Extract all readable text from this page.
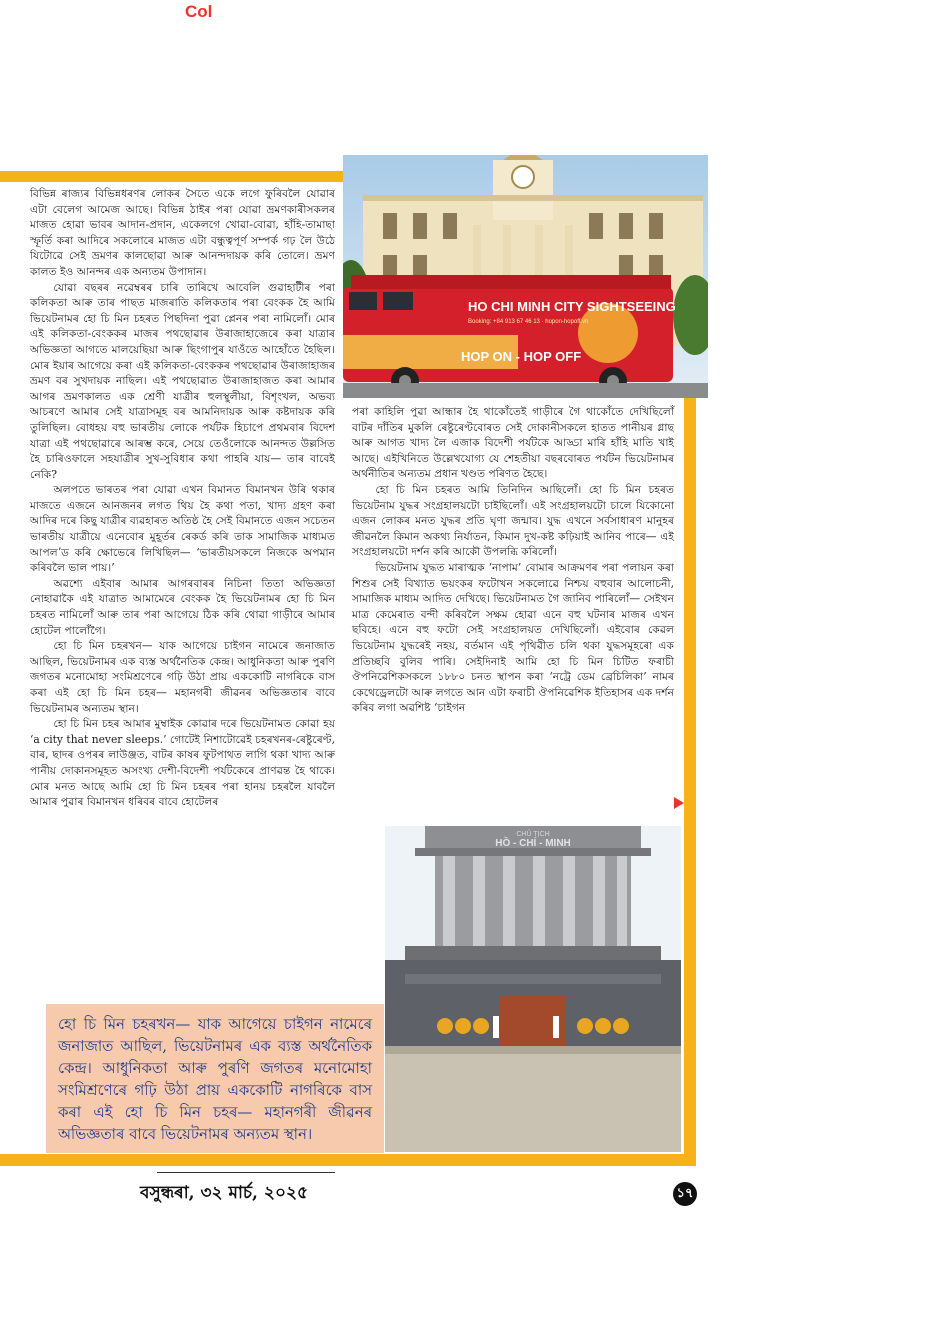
Col
HO CHI MINH CITY SIGHTSEEING
Booking: +84 913 67 46 13 · hopon-hopoff.vn
HOP ON - HOP OFF

বিভিন্ন ৰাজ্যৰ বিভিন্নধৰণৰ লোকৰ সৈতে একে লগে ফুৰিবলৈ যোৱাৰ এটা বেলেগ আমেজ আছে। বিভিন্ন ঠাইৰ পৰা যোৱা ভ্ৰমণকাৰীসকলৰ মাজত হোৱা ভাবৰ আদান-প্ৰদান, একেলগে খোৱা-বোৱা, হাঁহি-তামাছা স্ফূৰ্তি কৰা আদিৰে সকলোৰে মাজত এটা বন্ধুত্বপূৰ্ণ সম্পৰ্ক গঢ় লৈ উঠে যিটোৱে সেই ভ্ৰমণৰ কালছোৱা আৰু আনন্দদায়ক কৰি তোলে। ভ্ৰমণ কালত ইও আনন্দৰ এক অন্যতম উপাদান।

যোৱা বছৰৰ নৱেম্বৰৰ চাৰি তাৰিখে আবেলি গুৱাহাটীৰ পৰা কলিকতা আৰু তাৰ পাছত মাজৰাতি কলিকতাৰ পৰা বেংকক হৈ আমি ভিয়েটনামৰ হো চি মিন চহৰত পিছদিনা পুৱা প্লেনৰ পৰা নামিলোঁ। মোৰ এই কলিকতা-বেংককৰ মাজৰ পথছোৱাৰ উৰাজাহাজেৰে কৰা যাত্ৰাৰ অভিজ্ঞতা আগতে মালয়েছিয়া আৰু ছিংগাপুৰ যাওঁতে আহোঁতে হৈছিল। মোৰ ইয়াৰ আগেয়ে কৰা এই কলিকতা-বেংককৰ পথছোৱাৰ উৰাজাহাজৰ ভ্ৰমণ বৰ সুখদায়ক নাছিল। এই পথছোৱাত উৰাজাহাজত কৰা আমাৰ আগৰ ভ্ৰমণকালত এক শ্ৰেণী যাত্ৰীৰ হুলস্থুলীয়া, বিশৃংখল, অভব্য আচৰণে আমাৰ সেই যাত্ৰাসমূহ বৰ আমনিদায়ক আৰু কষ্টদায়ক কৰি তুলিছিল। বোধহয় বহু ভাৰতীয় লোকে পৰ্যটক হিচাপে প্ৰথমবাৰ বিদেশ যাত্ৰা এই পথছোৱাৰে আৰম্ভ কৰে, সেয়ে তেওঁলোকে আনন্দত উল্লসিত হৈ চাৰিওফালে সহযাত্ৰীৰ সুখ-সুবিধাৰ কথা পাহৰি যায়— তাৰ বাবেই নেকি?

অলপতে ভাৰতৰ পৰা যোৱা এখন বিমানত বিমানখন উৰি থকাৰ মাজতে এজনে আনজনৰ লগত থিয় হৈ কথা পতা, খাদ্য গ্ৰহণ কৰা আদিৰ দৰে কিছু যাত্ৰীৰ ব্যৱহাৰত অতিষ্ঠ হৈ সেই বিমানতে এজন সচেতন ভাৰতীয় যাত্ৰীয়ে এনেবোৰ মুহূৰ্তৰ ৰেকৰ্ড কৰি তাক সামাজিক মাধ্যমত আপলʼড কৰি ক্ষোভেৰে লিখিছিল— ‘ভাৰতীয়সকলে নিজকে অপমান কৰিবলৈ ভাল পায়।’

অৱশ্যে এইবাৰ আমাৰ আগৰবাৰৰ নিচিনা তিতা অভিজ্ঞতা নোহাৱাকৈ এই যাত্ৰাত আমামেৰে বেংকক হৈ ভিয়েটনামৰ হো চি মিন চহৰত নামিলোঁ আৰু তাৰ পৰা আগেয়ে ঠিক কৰি থোৱা গাড়ীৰে আমাৰ হোটেল পালোঁগৈ।

হো চি মিন চহৰখন— যাক আগেয়ে চাইগন নামেৰে জনাজাত আছিল, ভিয়েটনামৰ এক ব্যস্ত অৰ্থনৈতিক কেন্দ্ৰ। আধুনিকতা আৰু পুৰণি জগতৰ মনোমোহা সংমিশ্ৰণেৰে গঢ়ি উঠা প্ৰায় এককোটি নাগৰিকে বাস কৰা এই হো চি মিন চহৰ— মহানগৰী জীৱনৰ অভিজ্ঞতাৰ বাবে ভিয়েটনামৰ অন্যতম স্থান।

হো চি মিন চহৰ আমাৰ মুম্বাইক কোৱাৰ দৰে ভিয়েটনামত কোৱা হয় ‘a city that never sleeps.’ গোটেই নিশাটোৱেই চহৰখনৰ-ৰেষ্টুৰেণ্ট, বাৰ, ছাদৰ ওপৰৰ লাউঞ্জত, বাটৰ কাষৰ ফুটপাথত লাগি থকা খাদ্য আৰু পানীয় দোকানসমূহত অসংখ্য দেশী-বিদেশী পৰ্যটকেৰে প্ৰাণৱন্ত হৈ থাকে। মোৰ মনত আছে আমি হো চি মিন চহৰৰ পৰা হানয় চহৰলৈ যাবলৈ আমাৰ পুৱাৰ বিমানখন ধৰিবৰ বাবে হোটেলৰ

পৰা কাহিলি পুৱা আন্ধাৰ হৈ থাকোঁতেই গাড়ীৰে গৈ থাকোঁতে দেখিছিলোঁ বাটৰ দাঁতিৰ মুকলি ৰেষ্টুৰেণ্টবোৰত সেই দোকানীসকলে হাতত পানীয়ৰ গ্লাছ আৰু আগত খাদ্য লৈ এজাক বিদেশী পৰ্যটকে আড্ডা মাৰি হাঁহি মাতি খাই আছে। এইখিনিতে উল্লেখযোগ্য যে শেহতীয়া বছৰবোৰত পৰ্যটন ভিয়েটনামৰ অৰ্থনীতিৰ অন্যতম প্ৰধান খণ্ডত পৰিণত হৈছে।

হো চি মিন চহৰত আমি তিনিদিন আছিলোঁ। হো চি মিন চহৰত ভিয়েটনাম যুদ্ধৰ সংগ্ৰহালয়টো চাইছিলোঁ। এই সংগ্ৰহালয়টো চালে যিকোনো এজন লোকৰ মনত যুদ্ধৰ প্ৰতি ঘৃণা জন্মাব। যুদ্ধ এখনে সৰ্বসাধাৰণ মানুহৰ জীৱনলৈ কিমান অকথ্য নিৰ্যাতন, কিমান দুখ-কষ্ট কঢ়িয়াই আনিব পাৰে— এই সংগ্ৰহালয়টো দৰ্শন কৰি আকৌ উপলব্ধি কৰিলোঁ।

ভিয়েটনাম যুদ্ধত মাৰাত্মক ‘নাপাম’ বোমাৰ আক্ৰমণৰ পৰা পলায়ন কৰা শিশুৰ সেই বিখ্যাত ভয়ংকৰ ফটোখন সকলোৱে নিশ্চয় বহুবাৰ আলোচনী, সামাজিক মাধ্যম আদিত দেখিছে। ভিয়েটনামত গৈ জানিব পাৰিলোঁ— সেইখন মাত্ৰ কেমেৰাত বন্দী কৰিবলৈ সক্ষম হোৱা এনে বহু ঘটনাৰ মাজৰ এখন ছবিহে। এনে বহু ফটো সেই সংগ্ৰহালয়ত দেখিছিলোঁ। এইবোৰ কেৱল ভিয়েটনাম যুদ্ধৰেই নহয়, বৰ্তমান এই পৃথিৱীত চলি থকা যুদ্ধসমূহৰো এক প্ৰতিচ্ছবি বুলিব পাৰি। সেইদিনাই আমি হো চি মিন চিটিত ফৰাচী ঔপনিৱেশিকসকলে ১৮৮০ চনত স্থাপন কৰা ‘নট্ৰে ডেম ব্ৰেচিলিকা’ নামৰ কেথেড্ৰেলটো আৰু লগতে আন এটা ফৰাচী ঔপনিৱেশিক ইতিহাসৰ এক দৰ্শন কৰিব লগা অৱশিষ্ট ‘চাইগন

CHỦ TỊCH
HỒ - CHÍ - MINH

হো চি মিন চহৰখন— যাক আগেয়ে চাইগন নামেৰে জনাজাত আছিল, ভিয়েটনামৰ এক ব্যস্ত অৰ্থনৈতিক কেন্দ্ৰ। আধুনিকতা আৰু পুৰণি জগতৰ মনোমোহা সংমিশ্ৰণেৰে গঢ়ি উঠা প্ৰায় এককোটি নাগৰিকে বাস কৰা এই হো চি মিন চহৰ— মহানগৰী জীৱনৰ অভিজ্ঞতাৰ বাবে ভিয়েটনামৰ অন্যতম স্থান।

বসুন্ধৰা, ৩২ মাৰ্চ, ২০২৫	১৭
